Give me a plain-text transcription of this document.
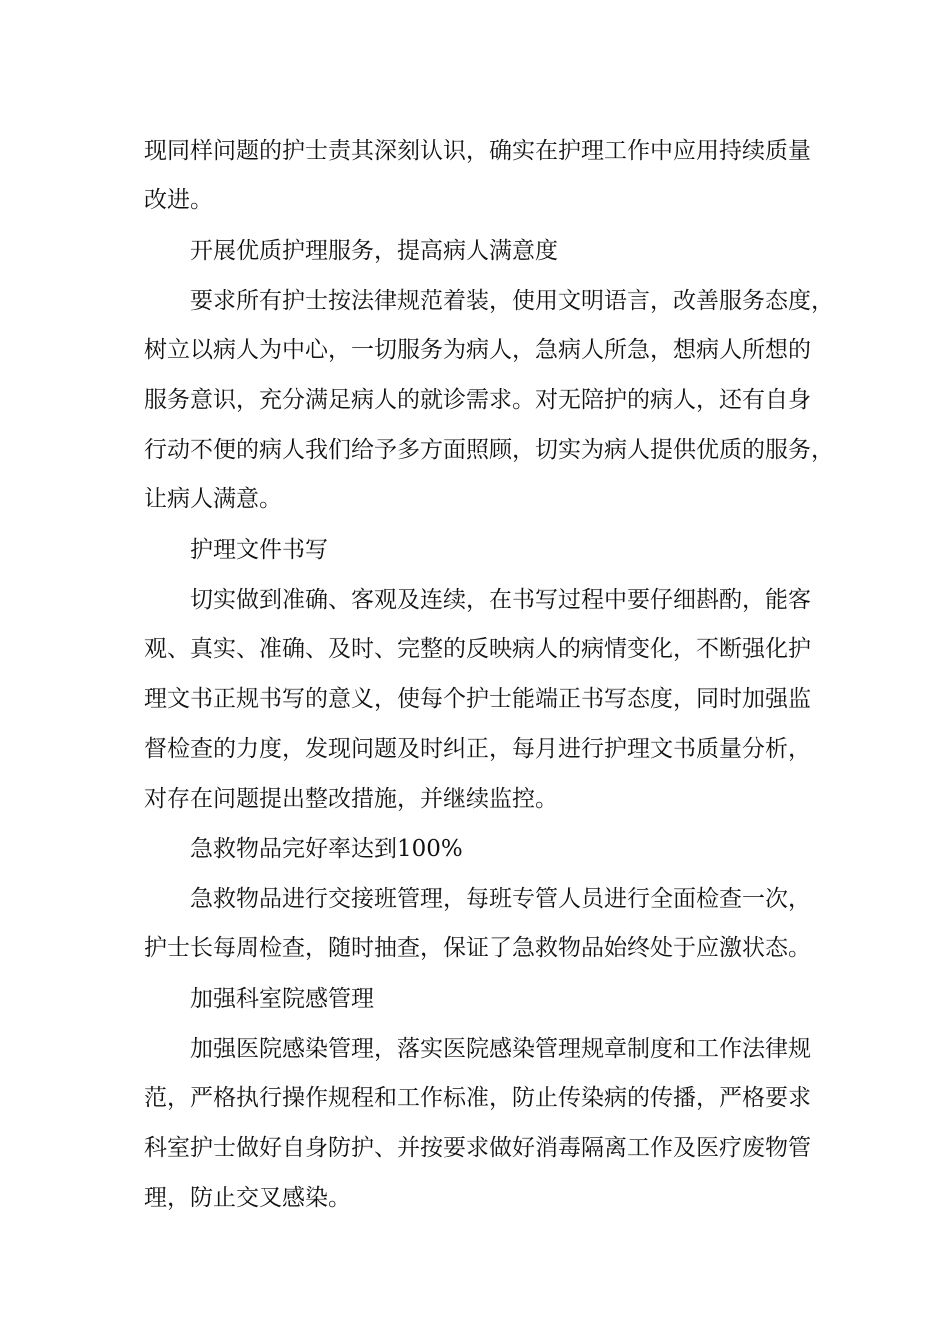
现同样问题的护士责其深刻认识，确实在护理工作中应用持续质量
改进。
开展优质护理服务，提高病人满意度
要求所有护士按法律规范着装，使用文明语言，改善服务态度，
树立以病人为中心，一切服务为病人，急病人所急，想病人所想的
服务意识，充分满足病人的就诊需求。对无陪护的病人，还有自身
行动不便的病人我们给予多方面照顾，切实为病人提供优质的服务，
让病人满意。
护理文件书写
切实做到准确、客观及连续，在书写过程中要仔细斟酌，能客
观、真实、准确、及时、完整的反映病人的病情变化，不断强化护
理文书正规书写的意义，使每个护士能端正书写态度，同时加强监
督检查的力度，发现问题及时纠正，每月进行护理文书质量分析，
对存在问题提出整改措施，并继续监控。
急救物品完好率达到100%
急救物品进行交接班管理，每班专管人员进行全面检查一次，
护士长每周检查，随时抽查，保证了急救物品始终处于应激状态。
加强科室院感管理
加强医院感染管理，落实医院感染管理规章制度和工作法律规
范，严格执行操作规程和工作标准，防止传染病的传播，严格要求
科室护士做好自身防护、并按要求做好消毒隔离工作及医疗废物管
理，防止交叉感染。
